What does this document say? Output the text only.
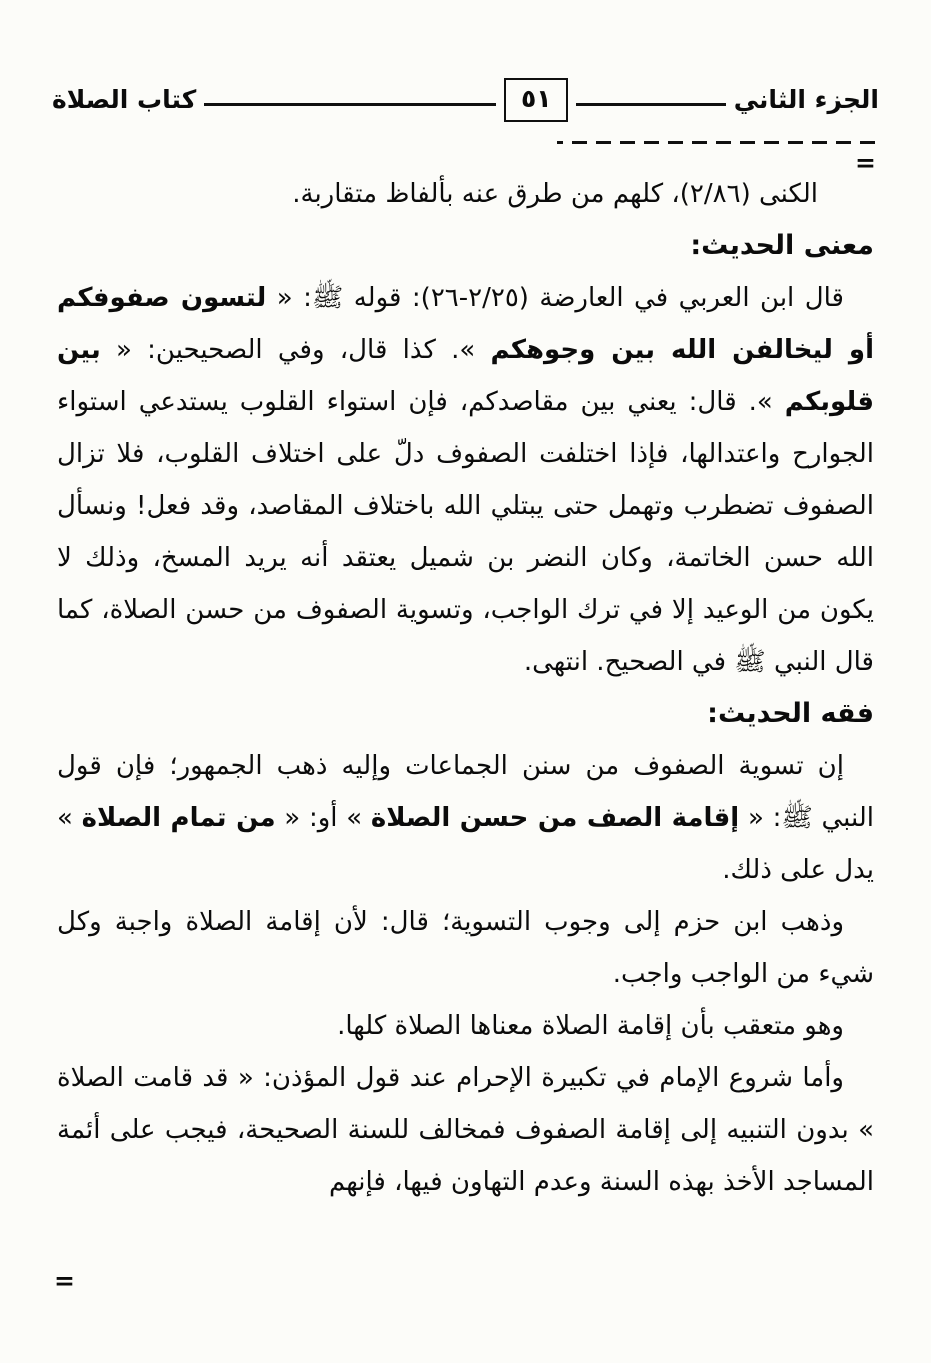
الجزء الثاني
٥١
كتاب الصلاة
=

الكنى (٢/٨٦)، كلهم من طرق عنه بألفاظ متقاربة.

معنى الحديث:

قال ابن العربي في العارضة (٢/٢٥-٢٦): قوله ﷺ: « لتسون صفوفكم أو ليخالفن الله بين وجوهكم ». كذا قال، وفي الصحيحين: « بين قلوبكم ». قال: يعني بين مقاصدكم، فإن استواء القلوب يستدعي استواء الجوارح واعتدالها، فإذا اختلفت الصفوف دلّ على اختلاف القلوب، فلا تزال الصفوف تضطرب وتهمل حتى يبتلي الله باختلاف المقاصد، وقد فعل! ونسأل الله حسن الخاتمة، وكان النضر بن شميل يعتقد أنه يريد المسخ، وذلك لا يكون من الوعيد إلا في ترك الواجب، وتسوية الصفوف من حسن الصلاة، كما قال النبي ﷺ في الصحيح. انتهى.

فقه الحديث:

إن تسوية الصفوف من سنن الجماعات وإليه ذهب الجمهور؛ فإن قول النبي ﷺ: « إقامة الصف من حسن الصلاة » أو: « من تمام الصلاة » يدل على ذلك.

وذهب ابن حزم إلى وجوب التسوية؛ قال: لأن إقامة الصلاة واجبة وكل شيء من الواجب واجب.

وهو متعقب بأن إقامة الصلاة معناها الصلاة كلها.

وأما شروع الإمام في تكبيرة الإحرام عند قول المؤذن: « قد قامت الصلاة » بدون التنبيه إلى إقامة الصفوف فمخالف للسنة الصحيحة، فيجب على أئمة المساجد الأخذ بهذه السنة وعدم التهاون فيها، فإنهم

=
